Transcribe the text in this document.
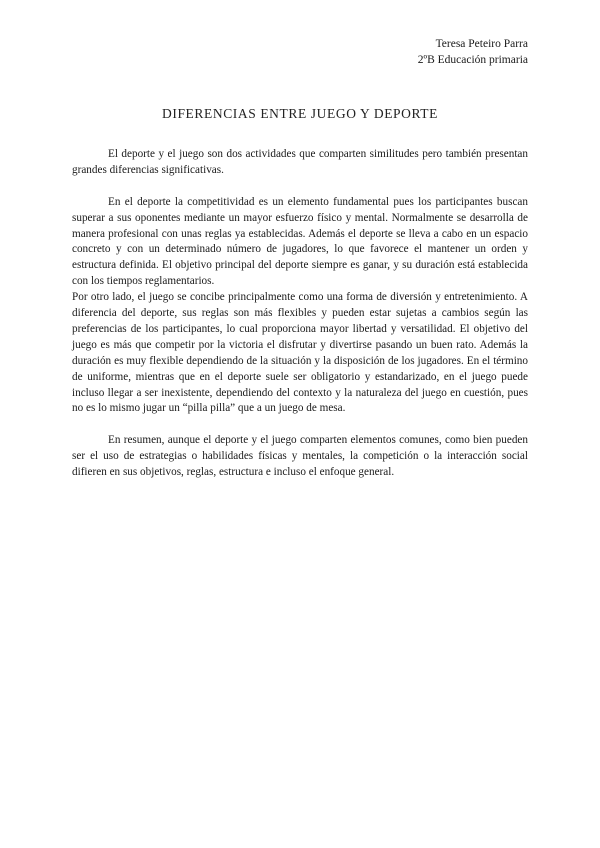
Teresa Peteiro Parra
2ºB Educación primaria
DIFERENCIAS ENTRE JUEGO Y DEPORTE

El deporte y el juego son dos actividades que comparten similitudes pero también presentan grandes diferencias significativas.

En el deporte la competitividad es un elemento fundamental pues los participantes buscan superar a sus oponentes mediante un mayor esfuerzo físico y mental. Normalmente se desarrolla de manera profesional con unas reglas ya establecidas. Además el deporte se lleva a cabo en un espacio concreto y con un determinado número de jugadores, lo que favorece el mantener un orden y estructura definida. El objetivo principal del deporte siempre es ganar, y su duración está establecida con los tiempos reglamentarios.

Por otro lado, el juego se concibe principalmente como una forma de diversión y entretenimiento. A diferencia del deporte, sus reglas son más flexibles y pueden estar sujetas a cambios según las preferencias de los participantes, lo cual proporciona mayor libertad y versatilidad. El objetivo del juego es más que competir por la victoria el disfrutar y divertirse pasando un buen rato. Además la duración es muy flexible dependiendo de la situación y la disposición de los jugadores. En el término de uniforme, mientras que en el deporte suele ser obligatorio y estandarizado, en el juego puede incluso llegar a ser inexistente, dependiendo del contexto y la naturaleza del juego en cuestión, pues no es lo mismo jugar un “pilla pilla” que a un juego de mesa.

En resumen, aunque el deporte y el juego comparten elementos comunes, como bien pueden ser el uso de estrategias o habilidades físicas y mentales, la competición o la interacción social difieren en sus objetivos, reglas, estructura e incluso el enfoque general.
